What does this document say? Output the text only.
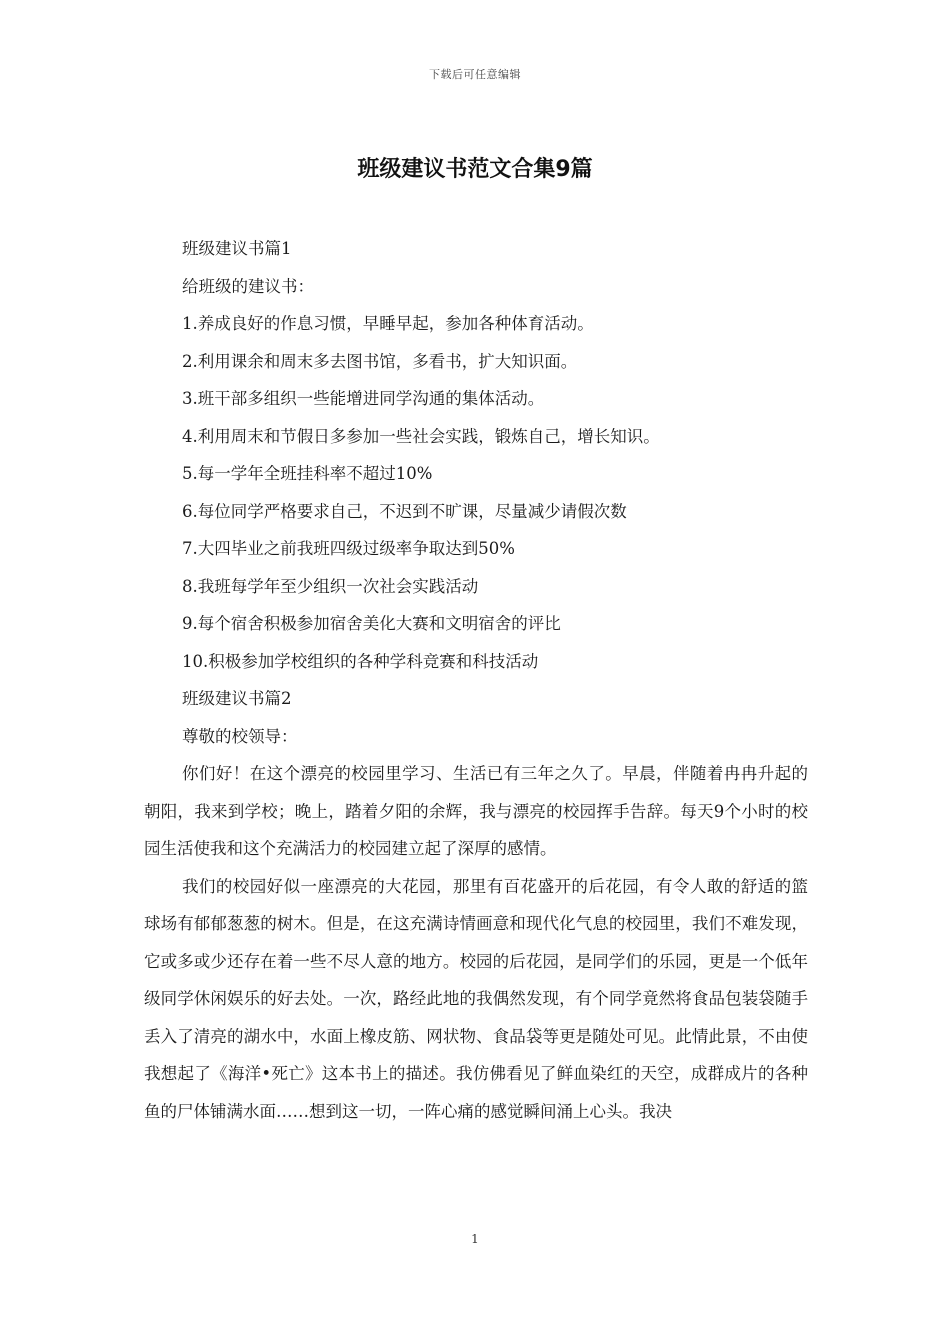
下载后可任意编辑
班级建议书范文合集9篇
班级建议书篇1
给班级的建议书：
1.养成良好的作息习惯，早睡早起，参加各种体育活动。
2.利用课余和周末多去图书馆，多看书，扩大知识面。
3.班干部多组织一些能增进同学沟通的集体活动。
4.利用周末和节假日多参加一些社会实践，锻炼自己，增长知识。
5.每一学年全班挂科率不超过10%
6.每位同学严格要求自己，不迟到不旷课，尽量减少请假次数
7.大四毕业之前我班四级过级率争取达到50%
8.我班每学年至少组织一次社会实践活动
9.每个宿舍积极参加宿舍美化大赛和文明宿舍的评比
10.积极参加学校组织的各种学科竞赛和科技活动
班级建议书篇2
尊敬的校领导：

你们好！在这个漂亮的校园里学习、生活已有三年之久了。早晨，伴随着冉冉升起的朝阳，我来到学校；晚上，踏着夕阳的余辉，我与漂亮的校园挥手告辞。每天9个小时的校园生活使我和这个充满活力的校园建立起了深厚的感情。

我们的校园好似一座漂亮的大花园，那里有百花盛开的后花园，有令人敢的舒适的篮球场有郁郁葱葱的树木。但是，在这充满诗情画意和现代化气息的校园里，我们不难发现，它或多或少还存在着一些不尽人意的地方。校园的后花园，是同学们的乐园，更是一个低年级同学休闲娱乐的好去处。一次，路经此地的我偶然发现，有个同学竟然将食品包装袋随手丢入了清亮的湖水中，水面上橡皮筋、网状物、食品袋等更是随处可见。此情此景，不由使我想起了《海洋•死亡》这本书上的描述。我仿佛看见了鲜血染红的天空，成群成片的各种鱼的尸体铺满水面……想到这一切，一阵心痛的感觉瞬间涌上心头。我决

1
